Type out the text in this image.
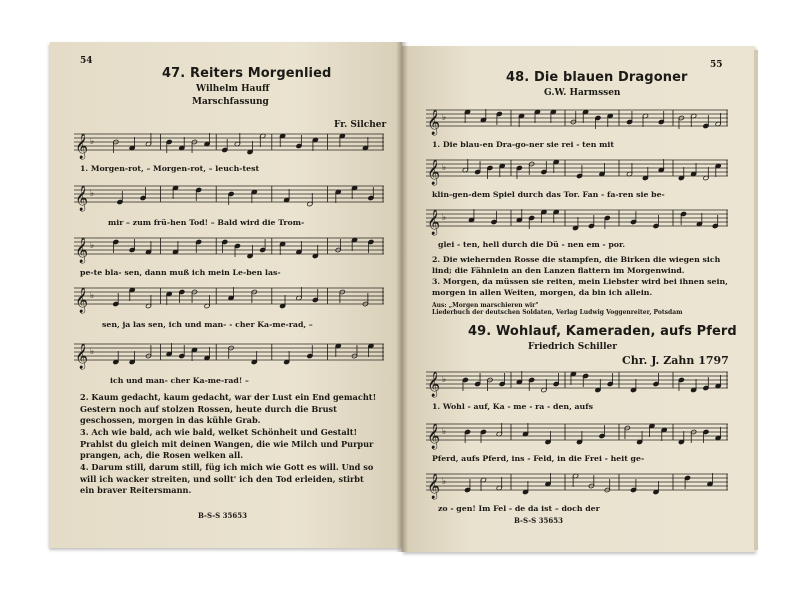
54
47. Reiters Morgenlied
Wilhelm Hauff
Marschfassung
Fr. Silcher
𝄞 ♭
1. Morgen-rot, – Morgen-rot, – leuch-test
𝄞 ♭
mir – zum frü-hen Tod! – Bald wird die Trom-
𝄞 ♭
pe-te bla- sen, dann muß ich mein Le-ben las-
𝄞 ♭
sen, ja las sen, ich und man- - cher Ka-me-rad, –
𝄞 ♭
ich und man- cher Ka-me-rad! –
2. Kaum gedacht, kaum gedacht, war der Lust ein End gemacht! Gestern noch auf stolzen Rossen, heute durch die Brust geschossen, morgen in das kühle Grab.
3. Ach wie bald, ach wie bald, welket Schönheit und Gestalt! Prahlst du gleich mit deinen Wangen, die wie Milch und Purpur prangen, ach, die Rosen welken all.
4. Darum still, darum still, füg ich mich wie Gott es will. Und so will ich wacker streiten, und sollt' ich den Tod erleiden, stirbt ein braver Reitersmann.
B-S-S 35653
55
48. Die blauen Dragoner
G.W. Harmssen
𝄞 ♭
1. Die blau-en Dra-go-ner sie rei - ten mit
𝄞 ♭
klin-gen-dem Spiel durch das Tor. Fan - fa-ren sie be-
𝄞 ♭
glei - ten, hell durch die Dü - nen em - por.
2. Die wiehernden Rosse die stampfen, die Birken die wiegen sich lind; die Fähnlein an den Lanzen flattern im Morgenwind.
3. Morgen, da müssen sie reiten, mein Liebster wird bei ihnen sein, morgen in allen Weiten, morgen, da bin ich allein.
Aus: „Morgen marschieren wir"
Liederbuch der deutschen Soldaten, Verlag Ludwig Voggenreiter, Potsdam
49. Wohlauf, Kameraden, aufs Pferd
Friedrich Schiller
Chr. J. Zahn 1797
𝄞 ♭
1. Wohl - auf, Ka - me - ra - den, aufs
𝄞 ♭
Pferd, aufs Pferd, ins - Feld, in die Frei - heit ge-
𝄞 ♭
zo - gen! Im Fel - de da ist – doch der
B-S-S 35653
